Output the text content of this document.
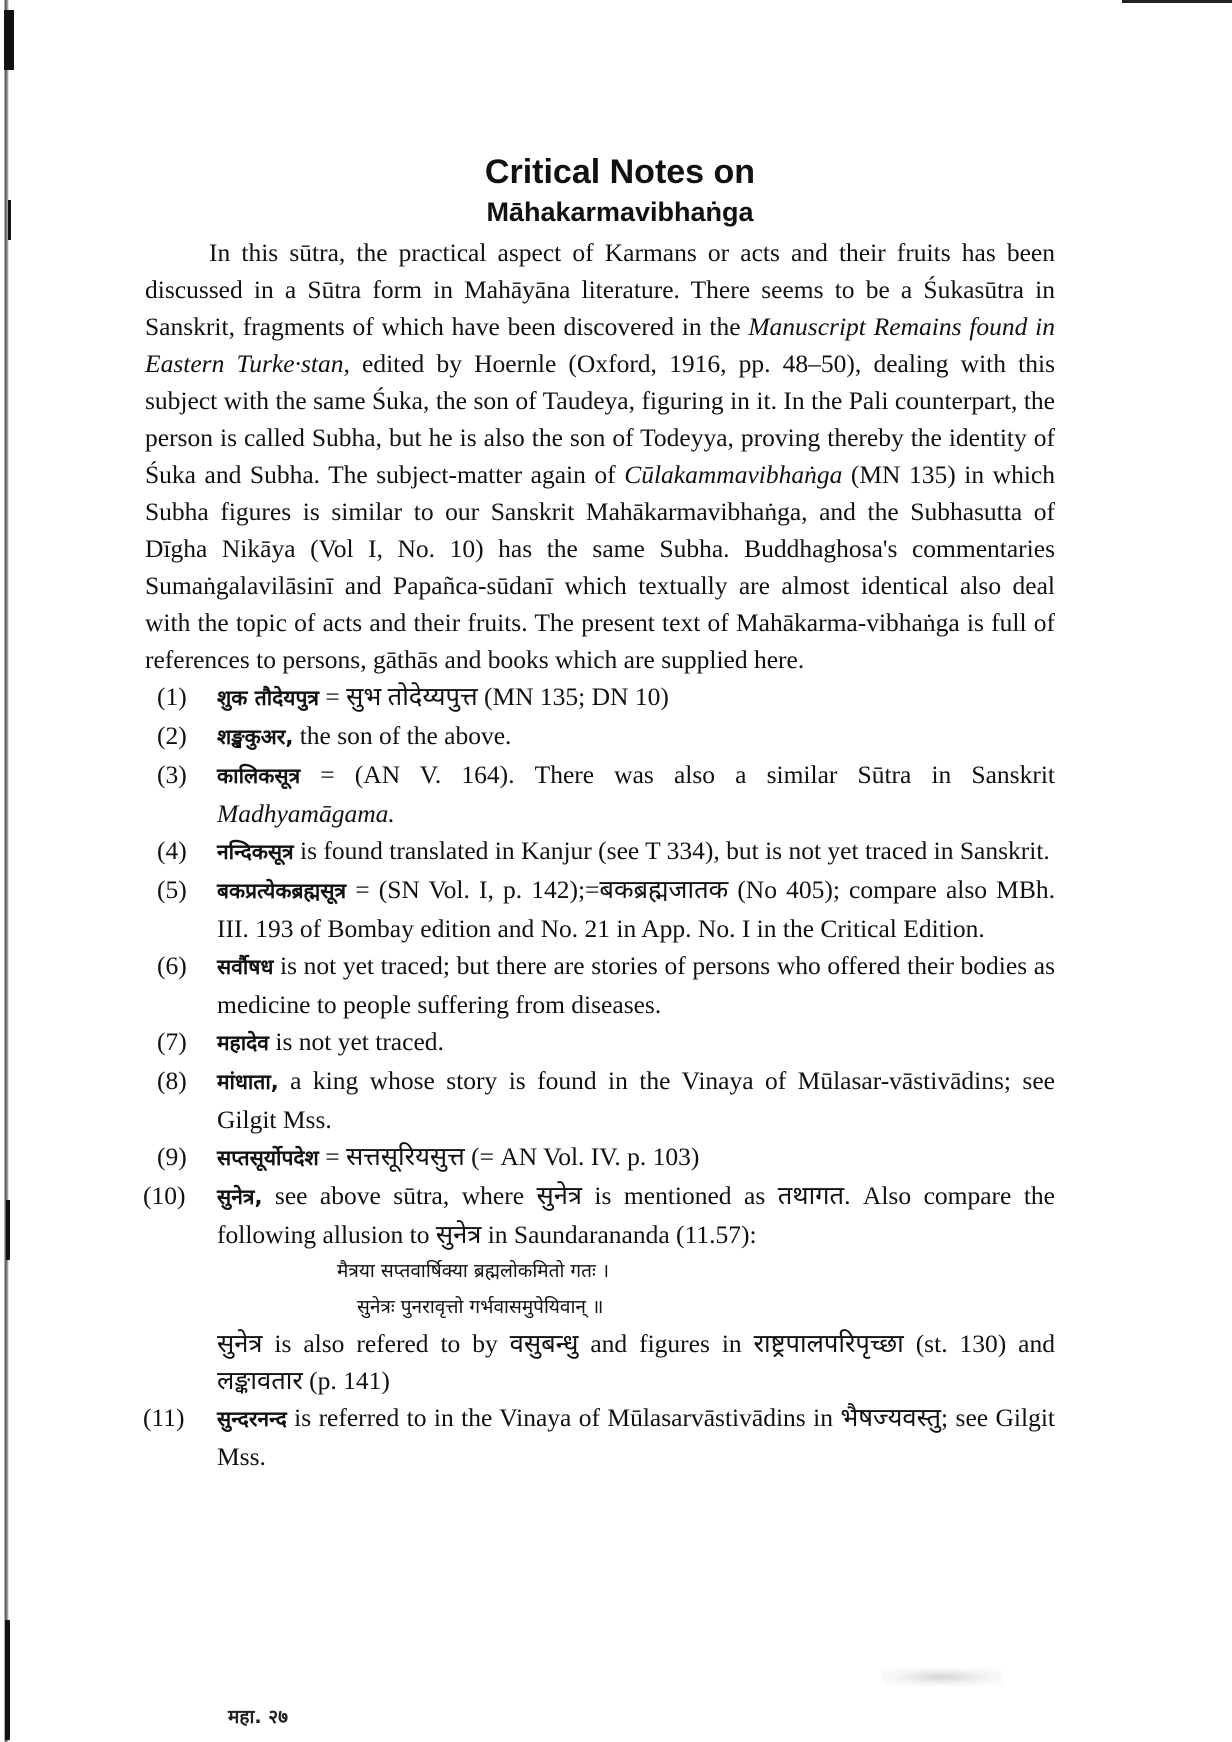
Critical Notes on
Māhakarmavibhaṅga

In this sūtra, the practical aspect of Karmans or acts and their fruits has been discussed in a Sūtra form in Mahāyāna literature. There seems to be a Śukasūtra in Sanskrit, fragments of which have been discovered in the Manuscript Remains found in Eastern Turke·stan, edited by Hoernle (Oxford, 1916, pp. 48–50), dealing with this subject with the same Śuka, the son of Taudeya, figuring in it. In the Pali counterpart, the person is called Subha, but he is also the son of Todeyya, proving thereby the identity of Śuka and Subha. The subject-matter again of Cūlakammavibhaṅga (MN 135) in which Subha figures is similar to our Sanskrit Mahākarmavibhaṅga, and the Subhasutta of Dīgha Nikāya (Vol I, No. 10) has the same Subha. Buddhaghosa's commentaries Sumaṅgalavilāsinī and Papañca-sūdanī which textually are almost identical also deal with the topic of acts and their fruits. The present text of Mahākarma-vibhaṅga is full of references to persons, gāthās and books which are supplied here.

(1) शुक तौदेयपुत्र = सुभ तोदेय्यपुत्त (MN 135; DN 10)
(2) शङ्खकुअर, the son of the above.
(3) कालिकसूत्र = (AN V. 164). There was also a similar Sūtra in Sanskrit Madhyamāgama.
(4) नन्दिकसूत्र is found translated in Kanjur (see T 334), but is not yet traced in Sanskrit.
(5) बकप्रत्येकब्रह्मसूत्र = (SN Vol. I, p. 142);=बकब्रह्मजातक (No 405); compare also MBh. III. 193 of Bombay edition and No. 21 in App. No. I in the Critical Edition.
(6) सर्वौषध is not yet traced; but there are stories of persons who offered their bodies as medicine to people suffering from diseases.
(7) महादेव is not yet traced.
(8) मांधाता, a king whose story is found in the Vinaya of Mūlasar-vāstivādins; see Gilgit Mss.
(9) सप्तसूर्योपदेश = सत्तसूरियसुत्त (= AN Vol. IV. p. 103)
(10) सुनेत्र, see above sūtra, where सुनेत्र is mentioned as तथागत. Also compare the following allusion to सुनेत्र in Saundarananda (11.57):

मैत्रया सप्तवार्षिक्या ब्रह्मलोकमितो गतः ।

सुनेत्रः पुनरावृत्तो गर्भवासमुपेयिवान् ॥

सुनेत्र is also refered to by वसुबन्धु and figures in राष्ट्रपालपरिपृच्छा (st. 130) and लङ्कावतार (p. 141)

(11) सुन्दरनन्द is referred to in the Vinaya of Mūlasarvāstivādins in भैषज्यवस्तु; see Gilgit Mss.
महा. २७
